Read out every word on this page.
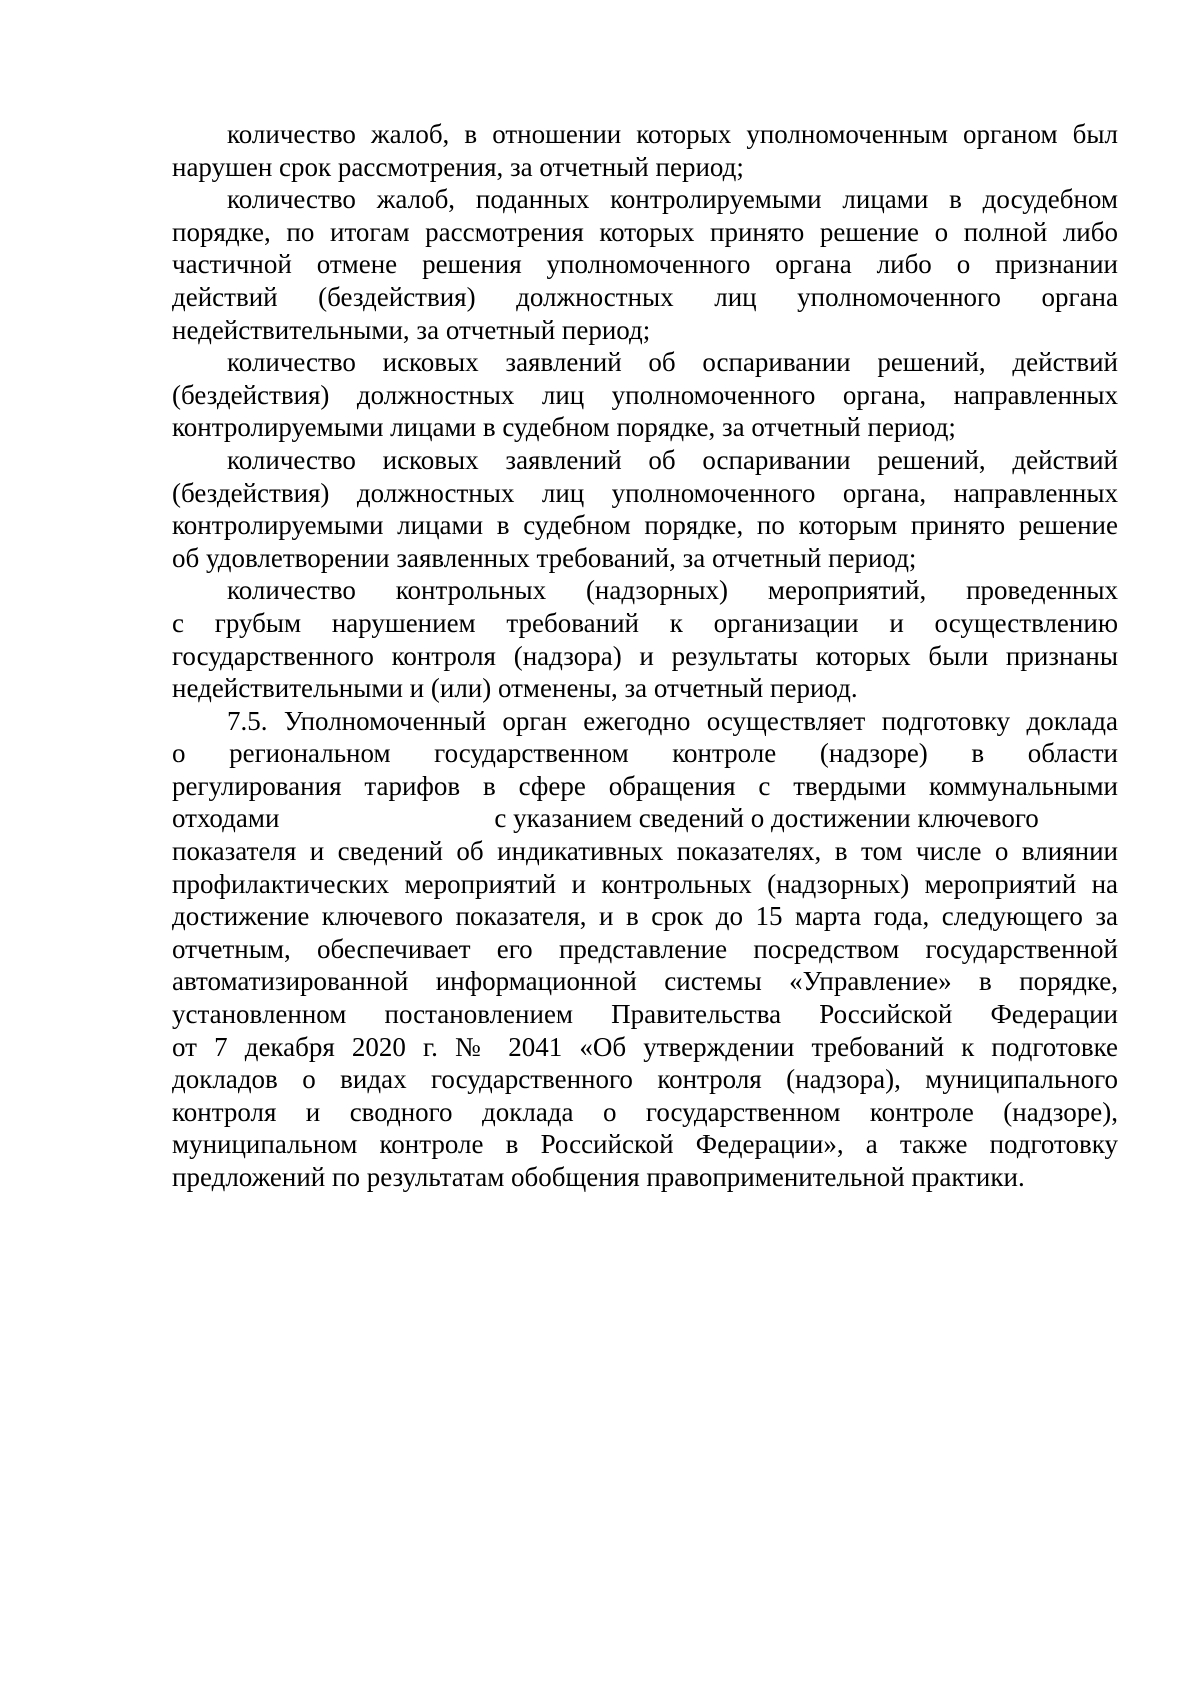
количество жалоб, в отношении которых уполномоченным органом был
нарушен срок рассмотрения, за отчетный период;
количество жалоб, поданных контролируемыми лицами в досудебном
порядке, по итогам рассмотрения которых принято решение о полной либо
частичной отмене решения уполномоченного органа либо о признании
действий (бездействия) должностных лиц уполномоченного органа
недействительными, за отчетный период;
количество исковых заявлений об оспаривании решений, действий
(бездействия) должностных лиц уполномоченного органа, направленных
контролируемыми лицами в судебном порядке, за отчетный период;
количество исковых заявлений об оспаривании решений, действий
(бездействия) должностных лиц уполномоченного органа, направленных
контролируемыми лицами в судебном порядке, по которым принято решение
об удовлетворении заявленных требований, за отчетный период;
количество контрольных (надзорных) мероприятий, проведенных
с грубым нарушением требований к организации и осуществлению
государственного контроля (надзора) и результаты которых были признаны
недействительными и (или) отменены, за отчетный период.
7.5. Уполномоченный орган ежегодно осуществляет подготовку доклада
о региональном государственном контроле (надзоре) в области
регулирования тарифов в сфере обращения с твердыми коммунальными
отходами	с указанием сведений о достижении ключевого
показателя и сведений об индикативных показателях, в том числе о влиянии
профилактических мероприятий и контрольных (надзорных) мероприятий на
достижение ключевого показателя, и в срок до 15 марта года, следующего за
отчетным, обеспечивает его представление посредством государственной
автоматизированной информационной системы «Управление» в порядке,
установленном постановлением Правительства Российской Федерации
от 7 декабря 2020 г. № 2041 «Об утверждении требований к подготовке
докладов о видах государственного контроля (надзора), муниципального
контроля и сводного доклада о государственном контроле (надзоре),
муниципальном контроле в Российской Федерации», а также подготовку
предложений по результатам обобщения правоприменительной практики.
